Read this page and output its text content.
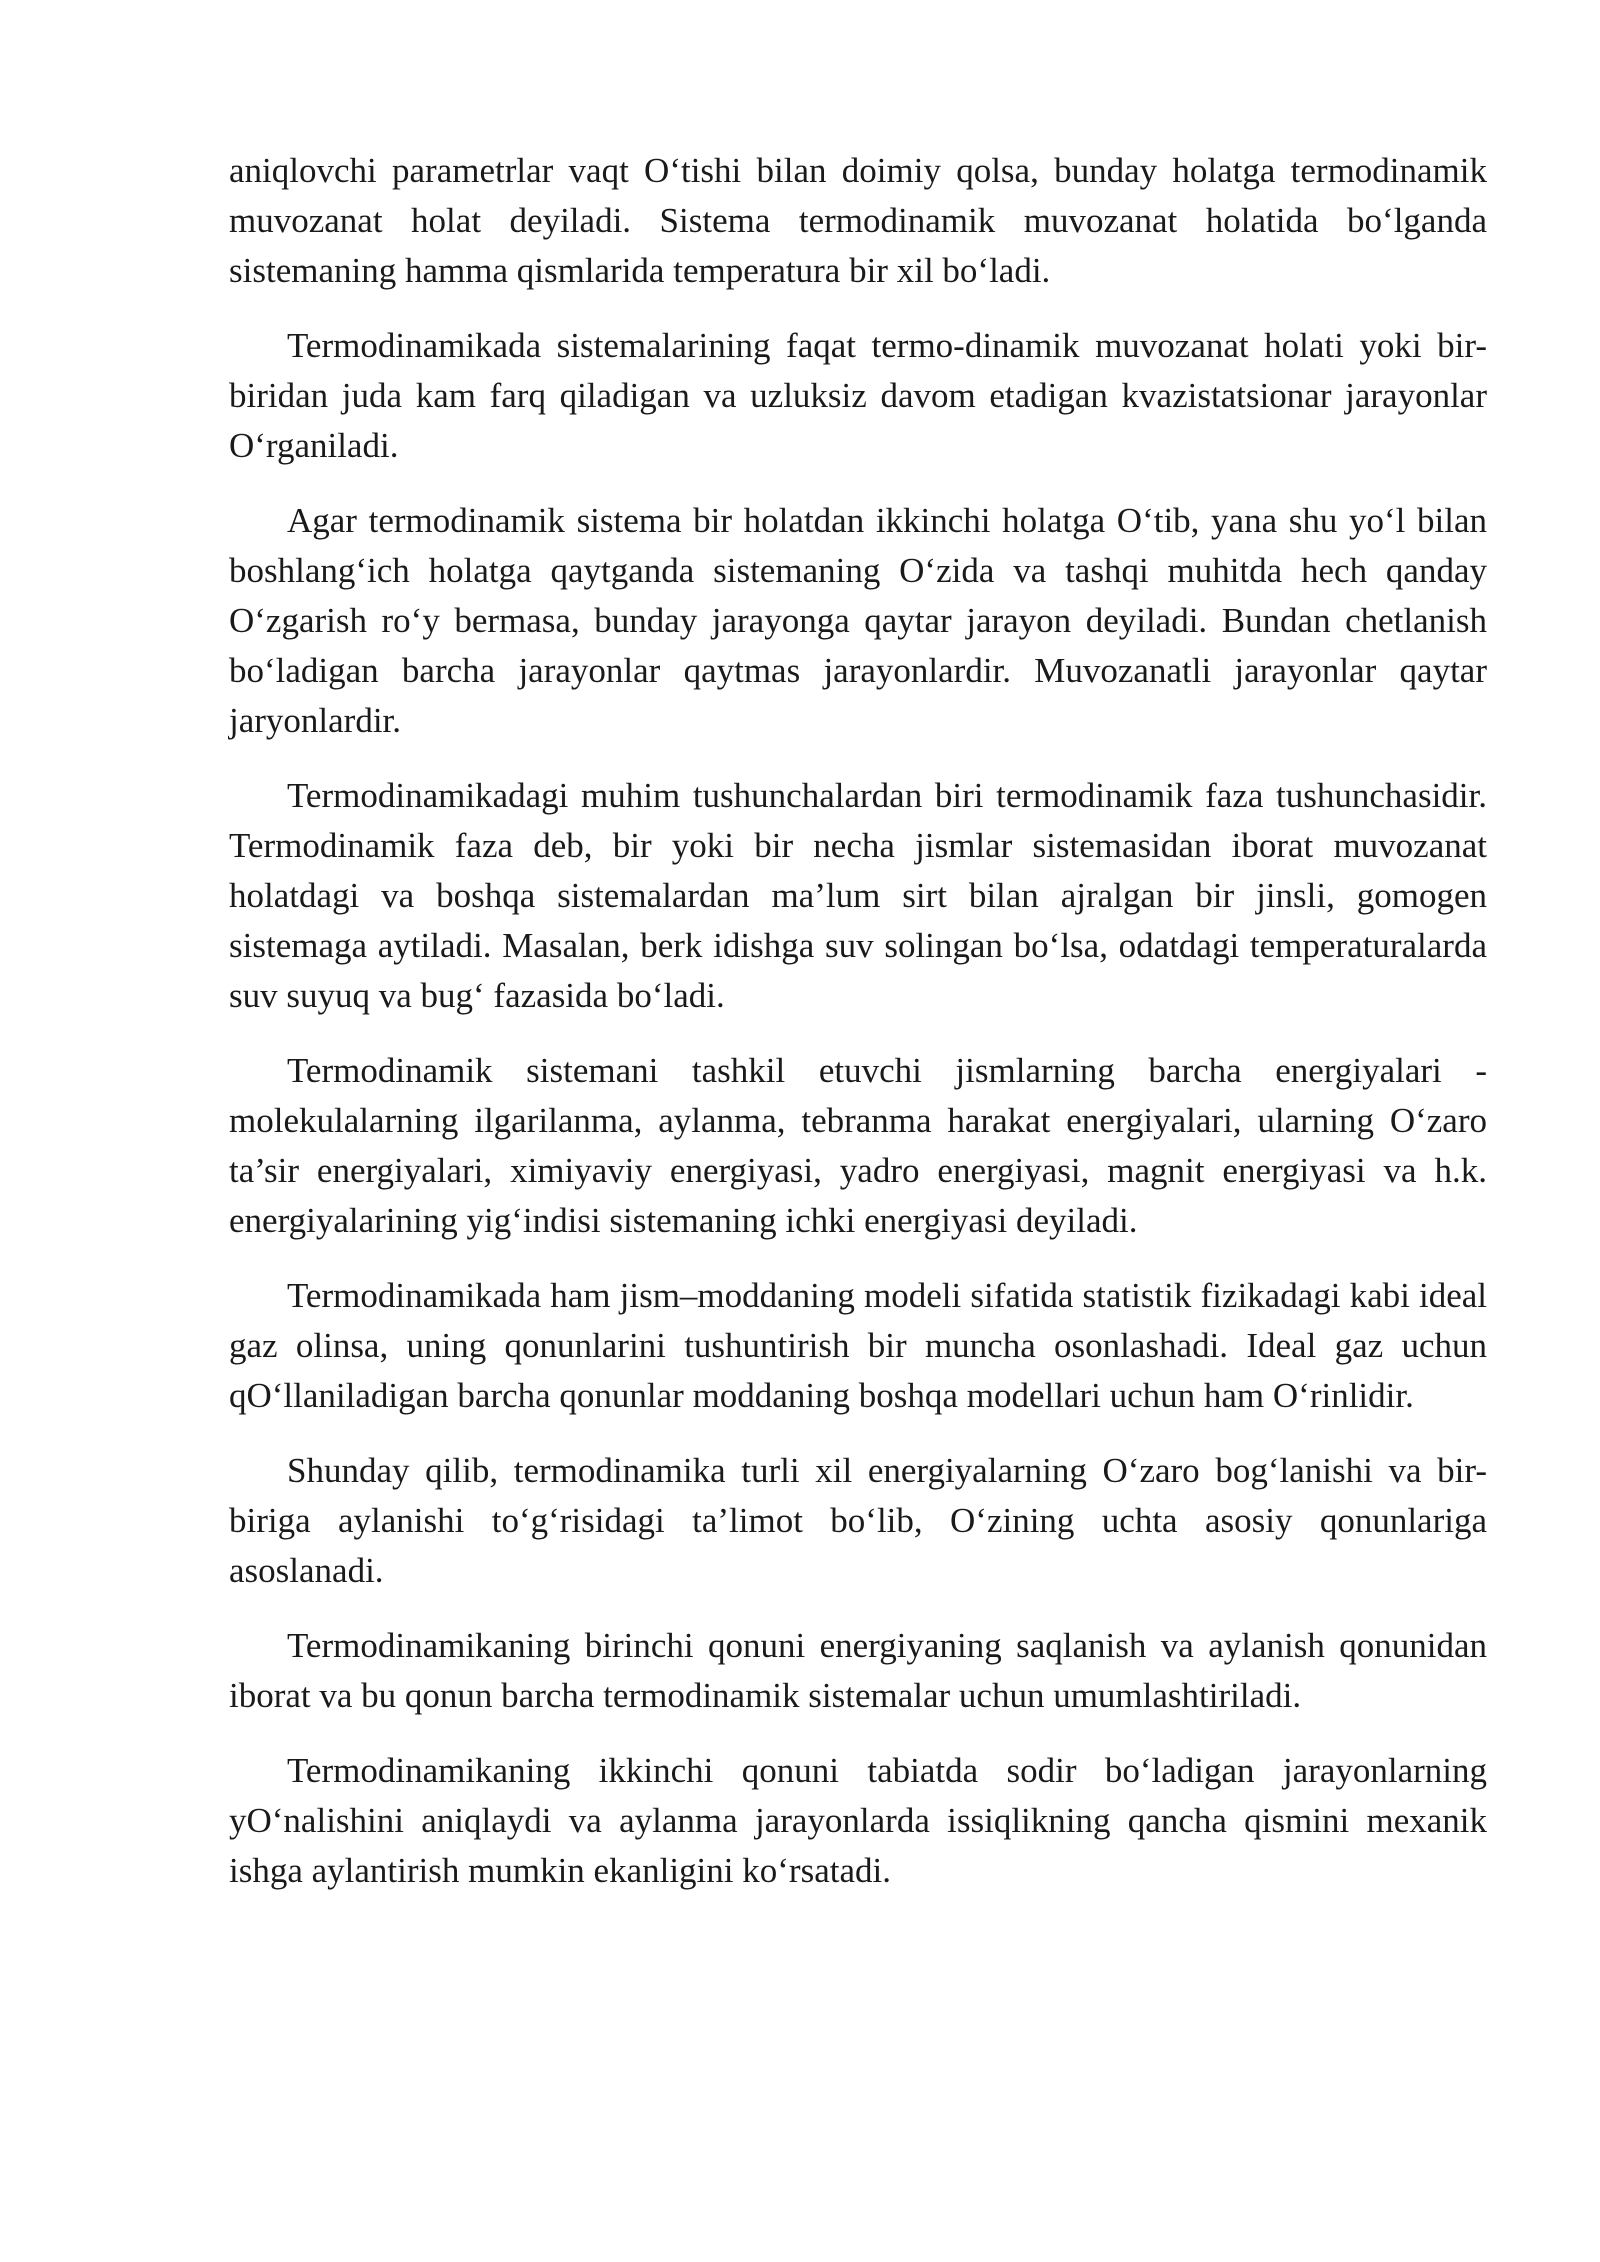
aniqlovchi parametrlar vaqt O‘tishi bilan doimiy qolsa, bunday holatga termodinamik muvozanat holat deyiladi. Sistema termodinamik muvozanat holatida bo‘lganda sistemaning hamma qismlarida temperatura bir xil bo‘ladi.

Termodinamikada sistemalarining faqat termo-dinamik muvozanat holati yoki bir-biridan juda kam farq qiladigan va uzluksiz davom etadigan kvazistatsionar jarayonlar O‘rganiladi.

Agar termodinamik sistema bir holatdan ikkinchi holatga O‘tib, yana shu yo‘l bilan boshlang‘ich holatga qaytganda sistemaning O‘zida va tashqi muhitda hech qanday O‘zgarish ro‘y bermasa, bunday jarayonga qaytar jarayon deyiladi. Bundan chetlanish bo‘ladigan barcha jarayonlar qaytmas jarayonlardir. Muvozanatli jarayonlar qaytar jaryonlardir.

Termodinamikadagi muhim tushunchalardan biri termodinamik faza tushunchasidir. Termodinamik faza deb, bir yoki bir necha jismlar sistemasidan iborat muvozanat holatdagi va boshqa sistemalardan ma’lum sirt bilan ajralgan bir jinsli, gomogen sistemaga aytiladi. Masalan, berk idishga suv solingan bo‘lsa, odatdagi temperaturalarda suv suyuq va bug‘ fazasida bo‘ladi.

Termodinamik sistemani tashkil etuvchi jismlarning barcha energiyalari - molekulalarning ilgarilanma, aylanma, tebranma harakat energiyalari, ularning O‘zaro ta’sir energiyalari, ximiyaviy energiyasi, yadro energiyasi, magnit energiyasi va h.k. energiyalarining yig‘indisi sistemaning ichki energiyasi deyiladi.

Termodinamikada ham jism–moddaning modeli sifatida statistik fizikadagi kabi ideal gaz olinsa, uning qonunlarini tushuntirish bir muncha osonlashadi. Ideal gaz uchun qO‘llaniladigan barcha qonunlar moddaning boshqa modellari uchun ham O‘rinlidir.

Shunday qilib, termodinamika turli xil energiyalarning O‘zaro bog‘lanishi va bir-biriga aylanishi to‘g‘risidagi ta’limot bo‘lib, O‘zining uchta asosiy qonunlariga asoslanadi.

Termodinamikaning birinchi qonuni energiyaning saqlanish va aylanish qonunidan iborat va bu qonun barcha termodinamik sistemalar uchun umumlashtiriladi.

Termodinamikaning ikkinchi qonuni tabiatda sodir bo‘ladigan jarayonlarning yO‘nalishini aniqlaydi va aylanma jarayonlarda issiqlikning qancha qismini mexanik ishga aylantirish mumkin ekanligini ko‘rsatadi.
